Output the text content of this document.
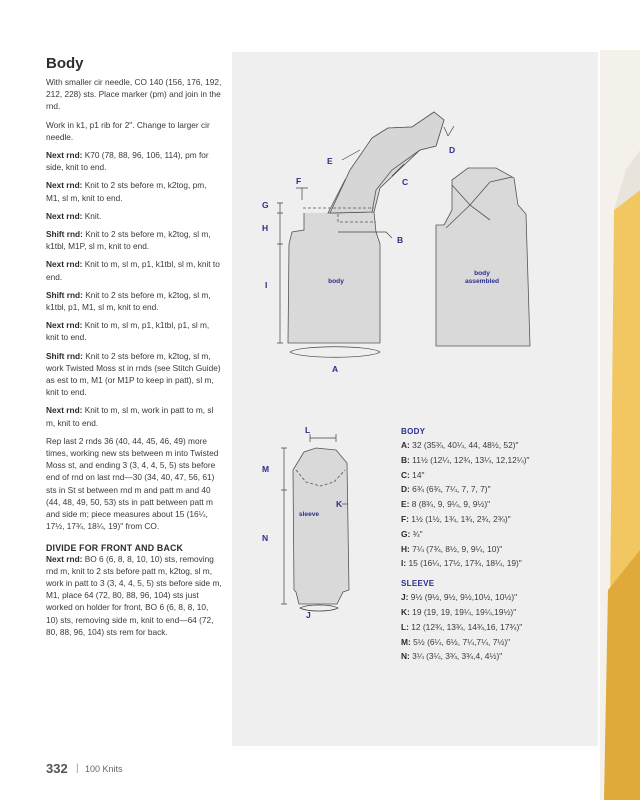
Body

With smaller cir needle, CO 140 (156, 176, 192, 212, 228) sts. Place marker (pm) and join in the rnd.

Work in k1, p1 rib for 2". Change to larger cir needle.

Next rnd: K70 (78, 88, 96, 106, 114), pm for side, knit to end.

Next rnd: Knit to 2 sts before m, k2tog, pm, M1, sl m, knit to end.

Next rnd: Knit.

Shift rnd: Knit to 2 sts before m, k2tog, sl m, k1tbl, M1P, sl m, knit to end.

Next rnd: Knit to m, sl m, p1, k1tbl, sl m, knit to end.

Shift rnd: Knit to 2 sts before m, k2tog, sl m, k1tbl, p1, M1, sl m, knit to end.

Next rnd: Knit to m, sl m, p1, k1tbl, p1, sl m, knit to end.

Shift rnd: Knit to 2 sts before m, k2tog, sl m, work Twisted Moss st in rnds (see Stitch Guide) as est to m, M1 (or M1P to keep in patt), sl m, knit to end.

Next rnd: Knit to m, sl m, work in patt to m, sl m, knit to end.

Rep last 2 rnds 36 (40, 44, 45, 46, 49) more times, working new sts between m into Twisted Moss st, and ending 3 (3, 4, 4, 5, 5) sts before end of rnd on last rnd—30 (34, 40, 47, 56, 61) sts in St st between rnd m and patt m and 40 (44, 48, 49, 50, 53) sts in patt between patt m and side m; piece measures about 15 (16¼, 17½, 17¾, 18¼, 19)" from CO.

DIVIDE FOR FRONT AND BACK

Next rnd: BO 6 (6, 8, 8, 10, 10) sts, removing rnd m, knit to 2 sts before patt m, k2tog, sl m, work in patt to 3 (3, 4, 4, 5, 5) sts before side m, M1, place 64 (72, 80, 88, 96, 104) sts just worked on holder for front, BO 6 (6, 8, 8, 10, 10) sts, removing side m, knit to end—64 (72, 80, 88, 96, 104) sts rem for back.

A
B
C
D
E
F
G
H
I
L
M
K
N
J
body
body
assembled
sleeve
BODY
A: 32 (35¾, 40¼, 44, 48½, 52)"
B: 11½ (12¼, 12¾, 13¼, 12,12¼)"
C: 14"
D: 6¾ (6¾, 7¼, 7, 7, 7)"
E: 8 (8¾, 9, 9¼, 9, 9½)"
F: 1½ (1½, 1¾, 1¾, 2¾, 2¾)"
G: ¾"
H: 7¼ (7¾, 8½, 9, 9¼, 10)"
I: 15 (16¼, 17½, 17¾, 18¼, 19)"
SLEEVE
J: 9½ (9½, 9½, 9½,10½, 10½)"
K: 19 (19, 19, 19¼, 19¼,19½)"
L: 12 (12¾, 13¾, 14¾,16, 17¾)"
M: 5½ (6¼, 6½, 7¼,7¼, 7½)"
N: 3¼ (3¼, 3¾, 3¾,4, 4½)"
332 | 100 Knits
PassionForum.ru
